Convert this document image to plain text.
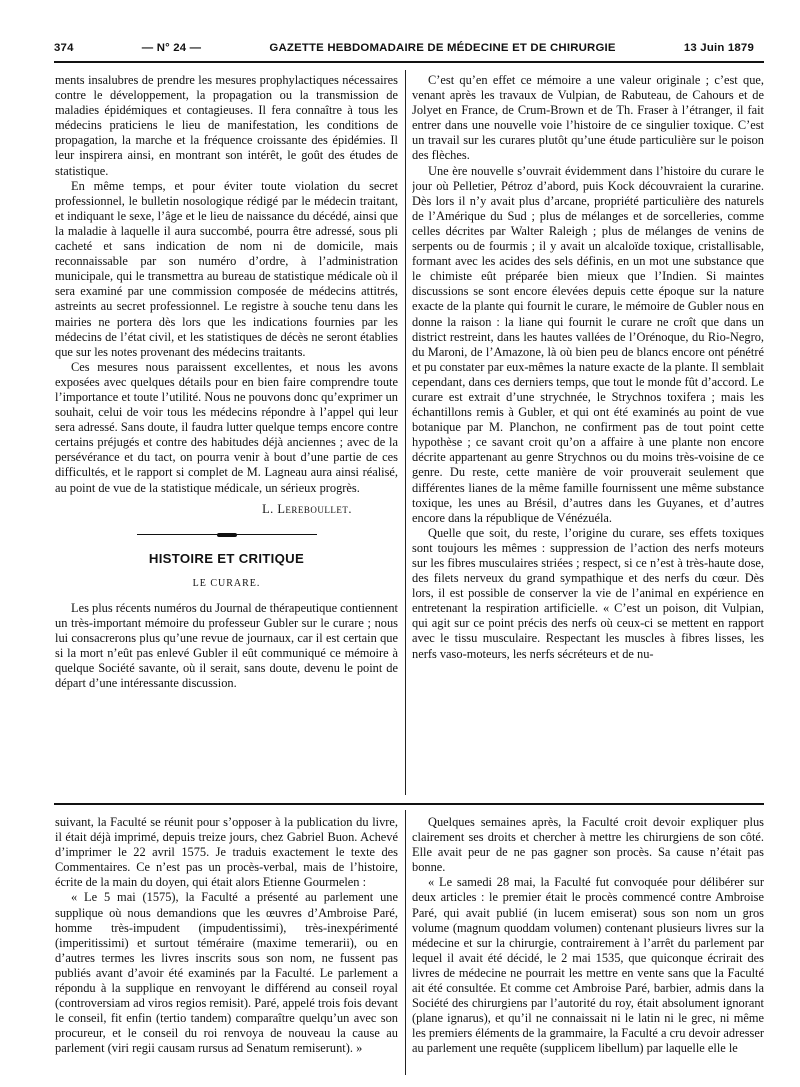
374	— N° 24 —	GAZETTE HEBDOMADAIRE DE MÉDECINE ET DE CHIRURGIE	13 Juin 1879

ments insalubres de prendre les mesures prophylactiques nécessaires contre le développement, la propagation ou la transmission de maladies épidémiques et contagieuses. Il fera connaître à tous les médecins praticiens le lieu de manifestation, les conditions de propagation, la marche et la fréquence croissante des épidémies. Il leur inspirera ainsi, en montrant son intérêt, le goût des études de statistique.

En même temps, et pour éviter toute violation du secret professionnel, le bulletin nosologique rédigé par le médecin traitant, et indiquant le sexe, l’âge et le lieu de naissance du décédé, ainsi que la maladie à laquelle il aura succombé, pourra être adressé, sous pli cacheté et sans indication de nom ni de domicile, mais reconnaissable par son numéro d’ordre, à l’administration municipale, qui le transmettra au bureau de statistique médicale où il sera examiné par une commission composée de médecins attitrés, astreints au secret professionnel. Le registre à souche tenu dans les mairies ne portera dès lors que les indications fournies par les médecins de l’état civil, et les statistiques de décès ne seront établies que sur les notes provenant des médecins traitants.

Ces mesures nous paraissent excellentes, et nous les avons exposées avec quelques détails pour en bien faire comprendre toute l’importance et toute l’utilité. Nous ne pouvons donc qu’exprimer un souhait, celui de voir tous les médecins répondre à l’appel qui leur sera adressé. Sans doute, il faudra lutter quelque temps encore contre certains préjugés et contre des habitudes déjà anciennes ; avec de la persévérance et du tact, on pourra venir à bout d’une partie de ces difficultés, et le rapport si complet de M. Lagneau aura ainsi réalisé, au point de vue de la statistique médicale, un sérieux progrès.

L. Lereboullet.
HISTOIRE ET CRITIQUE
LE CURARE.

Les plus récents numéros du Journal de thérapeutique contiennent un très-important mémoire du professeur Gubler sur le curare ; nous lui consacrerons plus qu’une revue de journaux, car il est certain que si la mort n’eût pas enlevé Gubler il eût communiqué ce mémoire à quelque Société savante, où il serait, sans doute, devenu le point de départ d’une intéressante discussion.

C’est qu’en effet ce mémoire a une valeur originale ; c’est que, venant après les travaux de Vulpian, de Rabuteau, de Cahours et de Jolyet en France, de Crum-Brown et de Th. Fraser à l’étranger, il fait entrer dans une nouvelle voie l’histoire de ce singulier toxique. C’est un travail sur les curares plutôt qu’une étude particulière sur le poison des flèches.

Une ère nouvelle s’ouvrait évidemment dans l’histoire du curare le jour où Pelletier, Pétroz d’abord, puis Kock découvraient la curarine. Dès lors il n’y avait plus d’arcane, propriété particulière des naturels de l’Amérique du Sud ; plus de mélanges et de sorcelleries, comme celles décrites par Walter Raleigh ; plus de mélanges de venins de serpents ou de fourmis ; il y avait un alcaloïde toxique, cristallisable, formant avec les acides des sels définis, en un mot une substance que le chimiste eût préparée bien mieux que l’Indien. Si maintes discussions se sont encore élevées depuis cette époque sur la nature exacte de la plante qui fournit le curare, le mémoire de Gubler nous en donne la raison : la liane qui fournit le curare ne croît que dans un district restreint, dans les hautes vallées de l’Orénoque, du Rio-Negro, du Maroni, de l’Amazone, là où bien peu de blancs encore ont pénétré et pu constater par eux-mêmes la nature exacte de la plante. Il semblait cependant, dans ces derniers temps, que tout le monde fût d’accord. Le curare est extrait d’une strychnée, le Strychnos toxifera ; mais les échantillons remis à Gubler, et qui ont été examinés au point de vue botanique par M. Planchon, ne confirment pas de tout point cette hypothèse ; ce savant croit qu’on a affaire à une plante non encore décrite appartenant au genre Strychnos ou du moins très-voisine de ce genre. Du reste, cette manière de voir prouverait seulement que différentes lianes de la même famille fournissent une même substance toxique, les unes au Brésil, d’autres dans les Guyanes, et d’autres encore dans la république de Vénézuéla.

Quelle que soit, du reste, l’origine du curare, ses effets toxiques sont toujours les mêmes : suppression de l’action des nerfs moteurs sur les fibres musculaires striées ; respect, si ce n’est à très-haute dose, des filets nerveux du grand sympathique et des nerfs du cœur. Dès lors, il est possible de conserver la vie de l’animal en expérience en entretenant la respiration artificielle. « C’est un poison, dit Vulpian, qui agit sur ce point précis des nerfs où ceux-ci se mettent en rapport avec le tissu musculaire. Respectant les muscles à fibres lisses, les nerfs vaso-moteurs, les nerfs sécréteurs et de nu-

suivant, la Faculté se réunit pour s’opposer à la publication du livre, il était déjà imprimé, depuis treize jours, chez Gabriel Buon. Achevé d’imprimer le 22 avril 1575. Je traduis exactement le texte des Commentaires. Ce n’est pas un procès-verbal, mais de l’histoire, écrite de la main du doyen, qui était alors Etienne Gourmelen :

« Le 5 mai (1575), la Faculté a présenté au parlement une supplique où nous demandions que les œuvres d’Ambroise Paré, homme très-impudent (impudentissimi), très-inexpérimenté (imperitissimi) et surtout téméraire (maxime temerarii), ou en d’autres termes les livres inscrits sous son nom, ne fussent pas publiés avant d’avoir été examinés par la Faculté. Le parlement a répondu à la supplique en renvoyant le différend au conseil royal (controversiam ad viros regios remisit). Paré, appelé trois fois devant le conseil, fit enfin (tertio tandem) comparaître quelqu’un avec son procureur, et le conseil du roi renvoya de nouveau la cause au parlement (viri regii causam rursus ad Senatum remiserunt). »

Quelques semaines après, la Faculté croit devoir expliquer plus clairement ses droits et chercher à mettre les chirurgiens de son côté. Elle avait peur de ne pas gagner son procès. Sa cause n’était pas bonne.

« Le samedi 28 mai, la Faculté fut convoquée pour délibérer sur deux articles : le premier était le procès commencé contre Ambroise Paré, qui avait publié (in lucem emiserat) sous son nom un gros volume (magnum quoddam volumen) contenant plusieurs livres sur la médecine et sur la chirurgie, contrairement à l’arrêt du parlement par lequel il avait été décidé, le 2 mai 1535, que quiconque écrirait des livres de médecine ne pourrait les mettre en vente sans que la Faculté ait été consultée. Et comme cet Ambroise Paré, barbier, admis dans la Société des chirurgiens par l’autorité du roy, était absolument ignorant (plane ignarus), et qu’il ne connaissait ni le latin ni le grec, ni même les premiers éléments de la grammaire, la Faculté a cru devoir adresser au parlement une requête (supplicem libellum) par laquelle elle le
